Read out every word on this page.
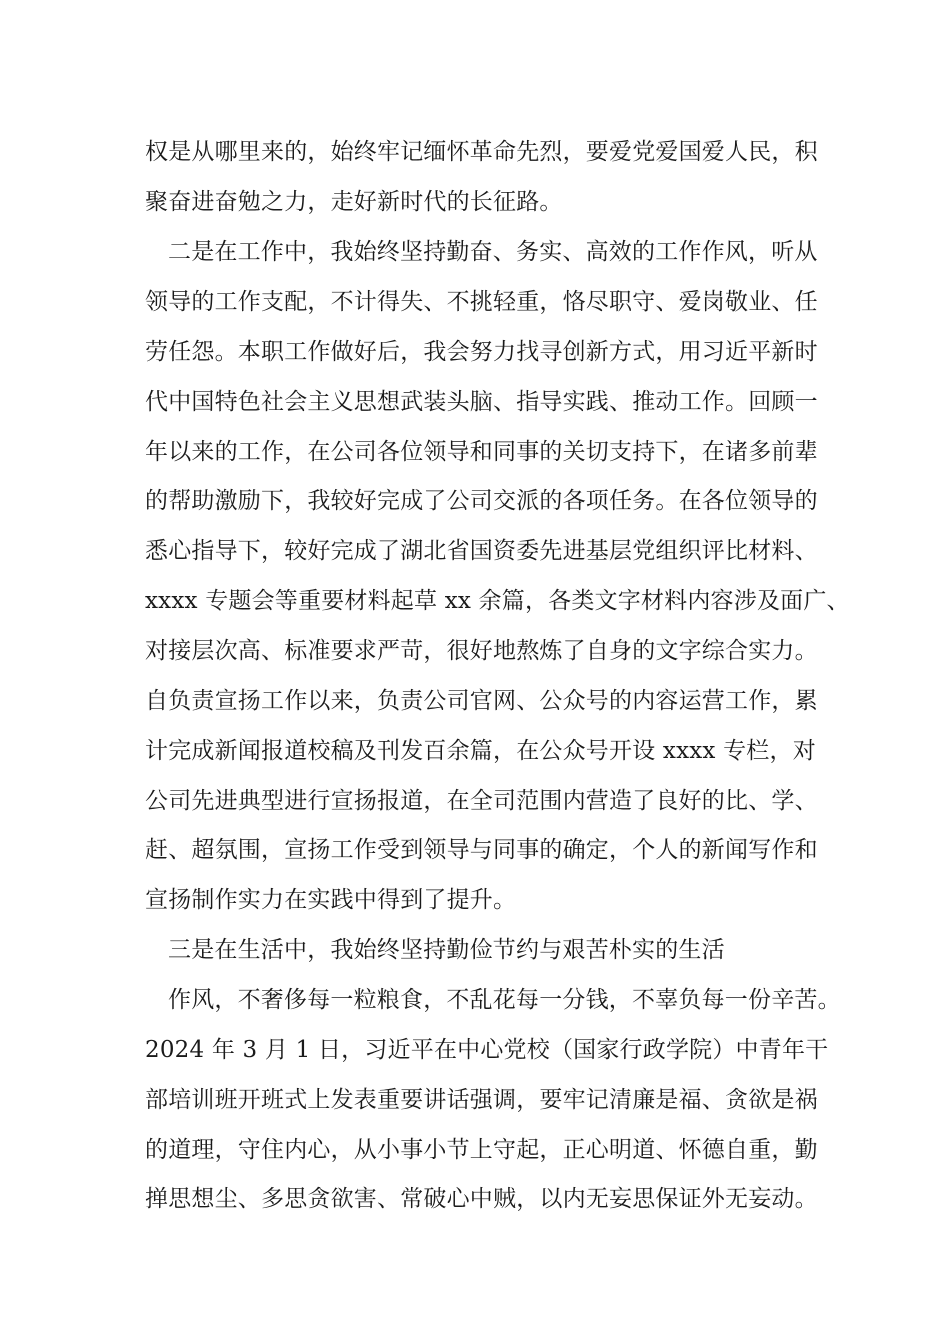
权是从哪里来的，始终牢记缅怀革命先烈，要爱党爱国爱人民，积
聚奋进奋勉之力，走好新时代的长征路。
二是在工作中，我始终坚持勤奋、务实、高效的工作作风，听从
领导的工作支配，不计得失、不挑轻重，恪尽职守、爱岗敬业、任
劳任怨。本职工作做好后，我会努力找寻创新方式，用习近平新时
代中国特色社会主义思想武装头脑、指导实践、推动工作。回顾一
年以来的工作，在公司各位领导和同事的关切支持下，在诸多前辈
的帮助激励下，我较好完成了公司交派的各项任务。在各位领导的
悉心指导下，较好完成了湖北省国资委先进基层党组织评比材料、
xxxx 专题会等重要材料起草 xx 余篇，各类文字材料内容涉及面广、
对接层次高、标准要求严苛，很好地熬炼了自身的文字综合实力。
自负责宣扬工作以来，负责公司官网、公众号的内容运营工作，累
计完成新闻报道校稿及刊发百余篇，在公众号开设 xxxx 专栏，对
公司先进典型进行宣扬报道，在全司范围内营造了良好的比、学、
赶、超氛围，宣扬工作受到领导与同事的确定，个人的新闻写作和
宣扬制作实力在实践中得到了提升。
三是在生活中，我始终坚持勤俭节约与艰苦朴实的生活
作风，不奢侈每一粒粮食，不乱花每一分钱，不辜负每一份辛苦。
2024 年 3 月 1 日，习近平在中心党校（国家行政学院）中青年干
部培训班开班式上发表重要讲话强调，要牢记清廉是福、贪欲是祸
的道理，守住内心，从小事小节上守起，正心明道、怀德自重，勤
掸思想尘、多思贪欲害、常破心中贼，以内无妄思保证外无妄动。
